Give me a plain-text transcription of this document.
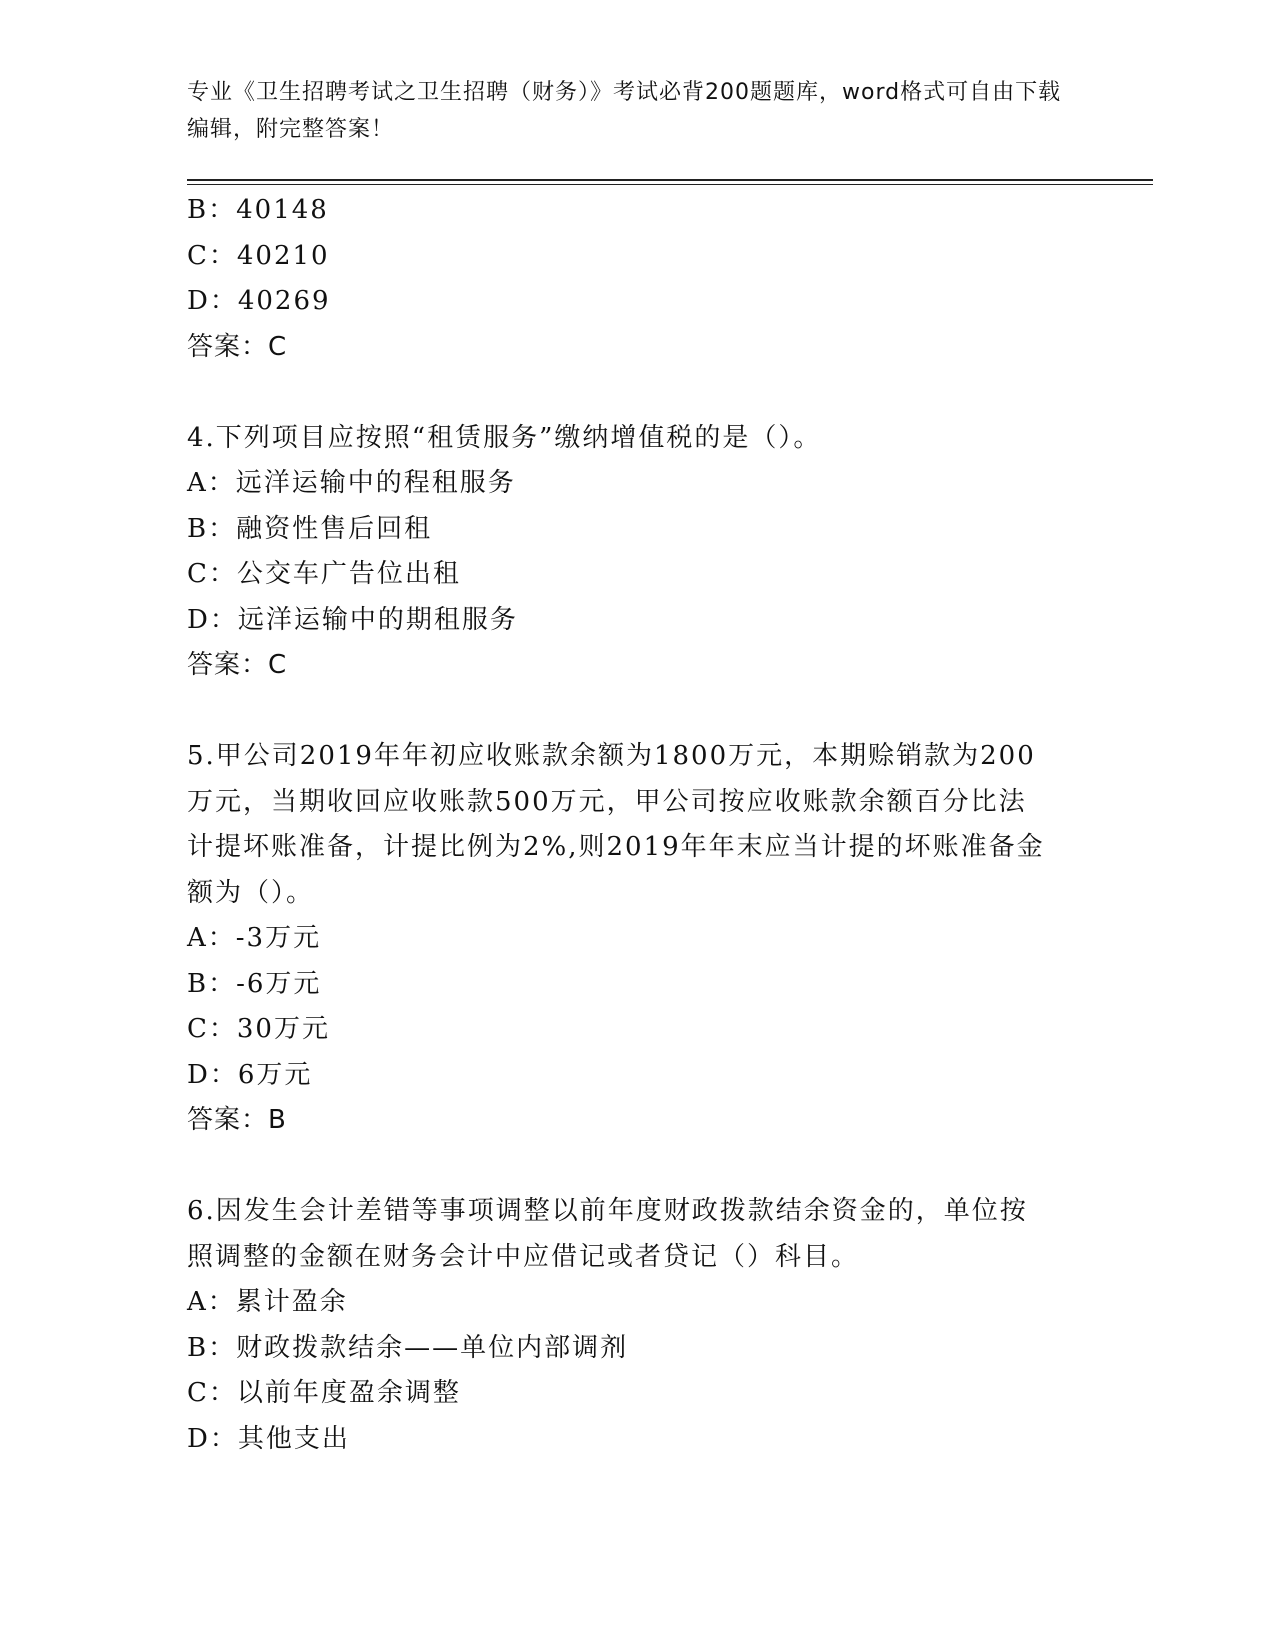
专业《卫生招聘考试之卫生招聘（财务）》考试必背200题题库，word格式可自由下载编辑，附完整答案！
B：40148
C：40210
D：40269
答案：C
4.下列项目应按照“租赁服务”缴纳增值税的是（）。
A：远洋运输中的程租服务
B：融资性售后回租
C：公交车广告位出租
D：远洋运输中的期租服务
答案：C
5.甲公司2019年年初应收账款余额为1800万元，本期赊销款为200
万元，当期收回应收账款500万元，甲公司按应收账款余额百分比法
计提坏账准备，计提比例为2%,则2019年年末应当计提的坏账准备金
额为（）。
A：-3万元
B：-6万元
C：30万元
D：6万元
答案：B
6.因发生会计差错等事项调整以前年度财政拨款结余资金的，单位按
照调整的金额在财务会计中应借记或者贷记（）科目。
A：累计盈余
B：财政拨款结余——单位内部调剂
C：以前年度盈余调整
D：其他支出
